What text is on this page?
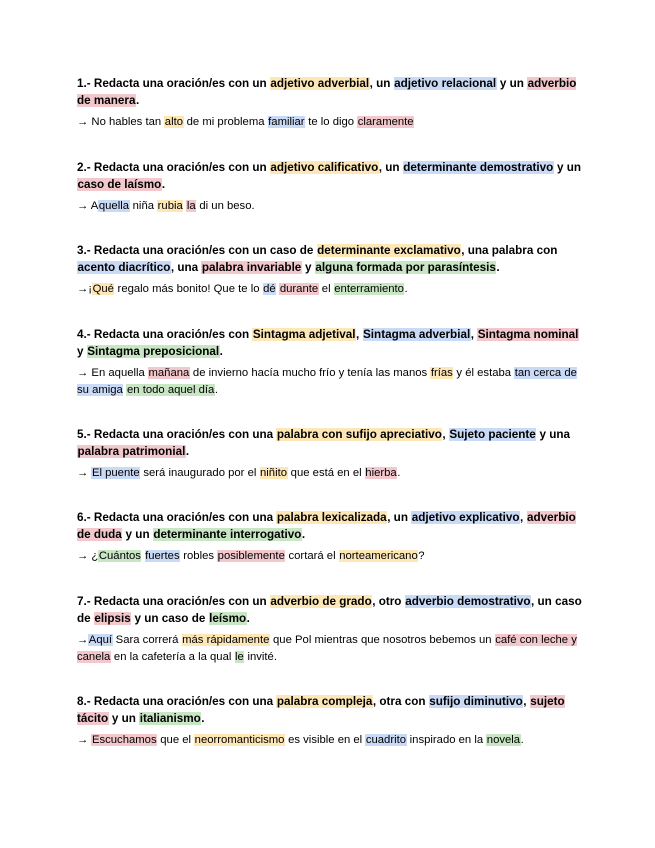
1.- Redacta una oración/es con un adjetivo adverbial, un adjetivo relacional y un adverbio de manera.

→ No hables tan alto de mi problema familiar te lo digo claramente

2.- Redacta una oración/es con un adjetivo calificativo, un determinante demostrativo y un caso de laísmo.

→ Aquella niña rubia la di un beso.

3.- Redacta una oración/es con un caso de determinante exclamativo, una palabra con acento diacrítico, una palabra invariable y alguna formada por parasíntesis.

→¡Qué regalo más bonito! Que te lo dé durante el enterramiento.

4.- Redacta una oración/es con Sintagma adjetival, Sintagma adverbial, Sintagma nominal y Sintagma preposicional.

→ En aquella mañana de invierno hacía mucho frío y tenía las manos frías y él estaba tan cerca de su amiga en todo aquel día.

5.- Redacta una oración/es con una palabra con sufijo apreciativo, Sujeto paciente y una palabra patrimonial.

→ El puente será inaugurado por el niñito que está en el hierba.

6.- Redacta una oración/es con una palabra lexicalizada, un adjetivo explicativo, adverbio de duda y un determinante interrogativo.

→ ¿Cuántos fuertes robles posiblemente cortará el norteamericano?

7.- Redacta una oración/es con un adverbio de grado, otro adverbio demostrativo, un caso de elipsis y un caso de leísmo.

→Aquí Sara correrá más rápidamente que Pol mientras que nosotros bebemos un café con leche y canela en la cafetería a la qual le invité.

8.- Redacta una oración/es con una palabra compleja, otra con sufijo diminutivo, sujeto tácito y un italianismo.

→ Escuchamos que el neorromanticismo es visible en el cuadrito inspirado en la novela.
